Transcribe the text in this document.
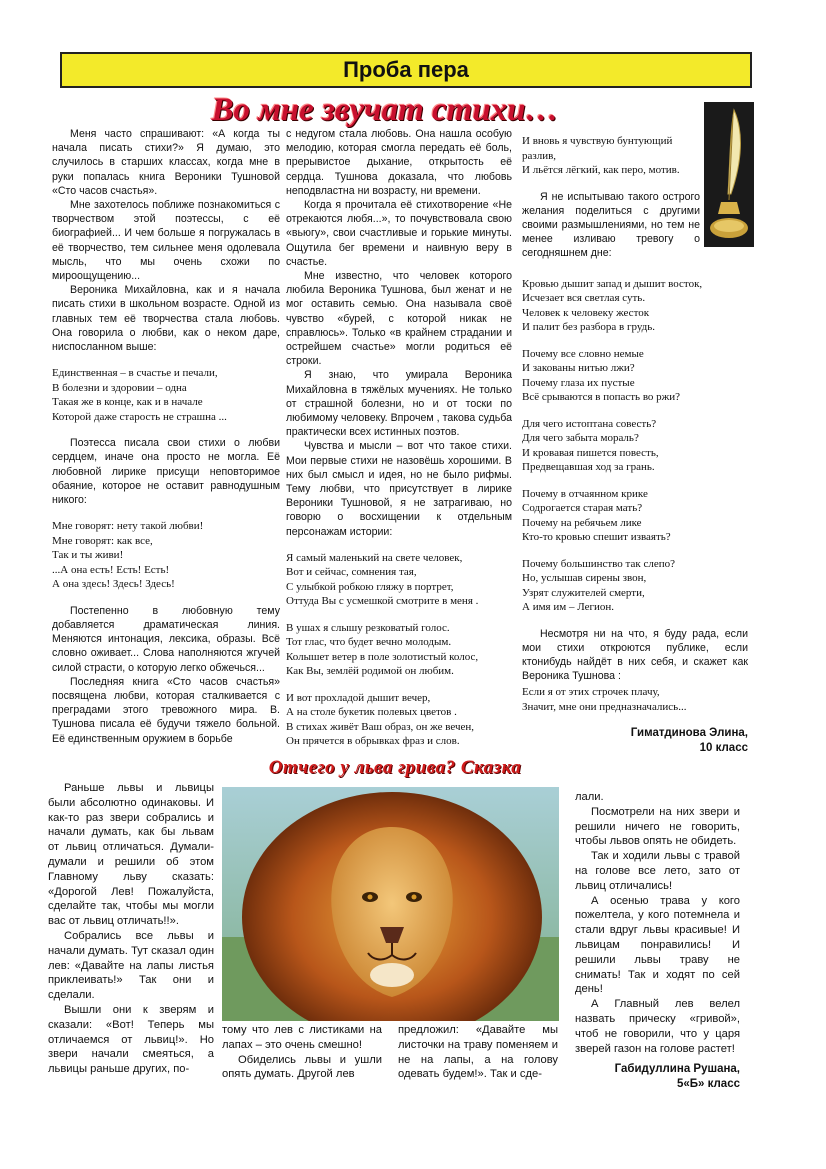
Проба пера
Во мне звучат стихи…

Меня часто спрашивают: «А когда ты начала писать стихи?» Я думаю, это случилось в старших классах, когда мне в руки попалась книга Вероники Тушновой «Сто часов счастья».

Мне захотелось поближе познакомиться с творчеством этой поэтессы, с её биографией... И чем больше я погружалась в её творчество, тем сильнее меня одолевала мысль, что мы очень схожи по мироощущению...

Вероника Михайловна, как и я начала писать стихи в школьном возрасте. Одной из главных тем её творчества стала любовь. Она говорила о любви, как о неком даре, ниспосланном выше:

Единственная – в счастье и печали,
В болезни и здоровии – одна
Такая же в конце, как и в начале
Которой даже старость не страшна ...

Поэтесса писала свои стихи о любви сердцем, иначе она просто не могла. Её любовной лирике присущи неповторимое обаяние, которое не оставит равнодушным никого:

Мне говорят: нету такой любви!
Мне говорят: как все,
Так и ты живи!
...А она есть! Есть! Есть!
А она здесь! Здесь! Здесь!

Постепенно в любовную тему добавляется драматическая линия. Меняются интонация, лексика, образы. Всё словно оживает... Слова наполняются жгучей силой страсти, о которую легко обжечься...

Последняя книга «Сто часов счастья» посвящена любви, которая сталкивается с преградами этого тревожного мира. В. Тушнова писала её будучи тяжело больной. Её единственным оружием в борьбе

с недугом стала любовь. Она нашла особую мелодию, которая смогла передать её боль, прерывистое дыхание, открытость её сердца. Тушнова доказала, что любовь неподвластна ни возрасту, ни времени.

Когда я прочитала её стихотворение «Не отрекаются любя...», то почувствовала свою «вьюгу», свои счастливые и горькие минуты. Ощутила бег времени и наивную веру в счастье.

Мне известно, что человек которого любила Вероника Тушнова, был женат и не мог оставить семью. Она называла своё чувство «бурей, с которой никак не справлюсь». Только «в крайнем страдании и острейшем счастье» могли родиться её строки.

Я знаю, что умирала Вероника Михайловна в тяжёлых мучениях. Не только от страшной болезни, но и от тоски по любимому человеку. Впрочем , такова судьба практически всех истинных поэтов.

Чувства и мысли – вот что такое стихи. Мои первые стихи не назовёшь хорошими. В них был смысл и идея, но не было рифмы. Тему любви, что присутствует в лирике Вероники Тушновой, я не затрагиваю, но говорю о восхищении к отдельным персонажам истории:

Я самый маленький на свете человек,
Вот и сейчас, сомнения тая,
С улыбкой робкою гляжу в портрет,
Оттуда Вы с усмешкой смотрите в меня .
В ушах я слышу резковатый голос.
Тот глас, что будет вечно молодым.
Колышет ветер в поле золотистый колос,
Как Вы, землёй родимой он любим.
И вот прохладой дышит вечер,
А на столе букетик полевых цветов .
В стихах живёт Ваш образ, он же вечен,
Он прячется в обрывках фраз и слов.
И вновь я чувствую бунтующий
разлив,
И льётся лёгкий, как перо, мотив.

Я не испытываю такого острого желания поделиться с другими своими размышлениями, но тем не менее изливаю тревогу о сегодняшнем дне:

Кровью дышит запад и дышит восток,
Исчезает вся светлая суть.
Человек к человеку жесток
И палит без разбора в грудь.
Почему все словно немые
И закованы нитью лжи?
Почему глаза их пустые
Всё срываются в попасть во ржи?
Для чего истоптана совесть?
Для чего забыта мораль?
И кровавая пишется повесть,
Предвещавшая ход за грань.
Почему в отчаянном крике
Содрогается старая мать?
Почему на ребячьем лике
Кто-то кровью спешит изваять?
Почему большинство так слепо?
Но, услышав сирены звон,
Узрят служителей смерти,
А имя им – Легион.

Несмотря ни на что, я буду рада, если мои стихи откроются публике, если ктонибудь найдёт в них себя, и скажет как Вероника Тушнова :

Если я от этих строчек плачу,
Значит, мне они предназначались...
Гиматдинова Элина,
10 класс
Отчего у льва грива? Сказка

Раньше львы и львицы были абсолютно одинаковы. И как-то раз звери собрались и начали думать, как бы львам от львиц отличаться. Думали-думали и решили об этом Главному льву сказать: «Дорогой Лев! Пожалуйста, сделайте так, чтобы мы могли вас от львиц отличать!!».

Собрались все львы и начали думать. Тут сказал один лев: «Давайте на лапы листья приклеивать!» Так они и сделали.

Вышли они к зверям и сказали: «Вот! Теперь мы отличаемся от львиц!». Но звери начали смеяться, а львицы раньше других, по-

тому что лев с листиками на лапах – это очень смешно!

Обиделись львы и ушли опять думать. Другой лев

предложил: «Давайте мы листочки на траву поменяем и не на лапы, а на голову одевать будем!». Так и сде-

лали.

Посмотрели на них звери и решили ничего не говорить, чтобы львов опять не обидеть.

Так и ходили львы с травой на голове все лето, зато от львиц отличались!

А осенью трава у кого пожелтела, у кого потемнела и стали вдруг львы красивые! И львицам понравились! И решили львы траву не снимать! Так и ходят по сей день!

А Главный лев велел назвать прическу «гривой», чтоб не говорили, что у царя зверей газон на голове растет!

Габидуллина Рушана,
5«Б» класс
